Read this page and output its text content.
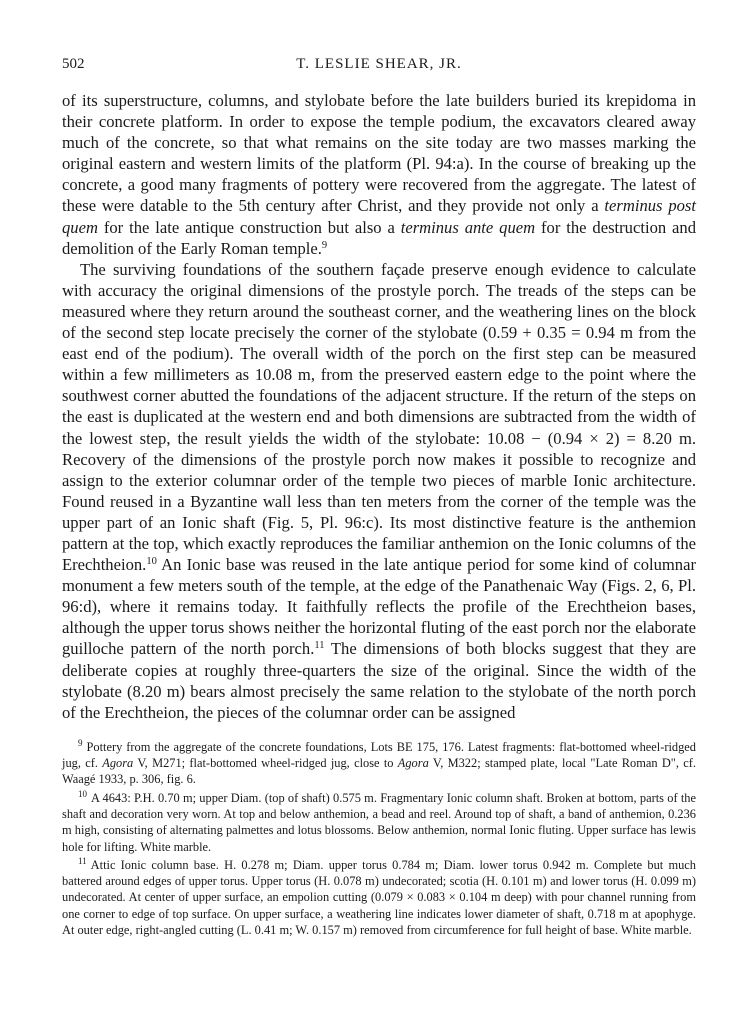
502	T. LESLIE SHEAR, JR.

of its superstructure, columns, and stylobate before the late builders buried its krepidoma in their concrete platform. In order to expose the temple podium, the excavators cleared away much of the concrete, so that what remains on the site today are two masses marking the original eastern and western limits of the platform (Pl. 94:a). In the course of breaking up the concrete, a good many fragments of pottery were recovered from the aggregate. The latest of these were datable to the 5th century after Christ, and they provide not only a terminus post quem for the late antique construction but also a terminus ante quem for the destruction and demolition of the Early Roman temple.$^9$

The surviving foundations of the southern façade preserve enough evidence to calculate with accuracy the original dimensions of the prostyle porch. The treads of the steps can be measured where they return around the southeast corner, and the weathering lines on the block of the second step locate precisely the corner of the stylobate (0.59 + 0.35 = 0.94 m from the east end of the podium). The overall width of the porch on the first step can be measured within a few millimeters as 10.08 m, from the preserved eastern edge to the point where the southwest corner abutted the foundations of the adjacent structure. If the return of the steps on the east is duplicated at the western end and both dimensions are subtracted from the width of the lowest step, the result yields the width of the stylobate: 10.08 − (0.94 × 2) = 8.20 m. Recovery of the dimensions of the prostyle porch now makes it possible to recognize and assign to the exterior columnar order of the temple two pieces of marble Ionic architecture. Found reused in a Byzantine wall less than ten meters from the corner of the temple was the upper part of an Ionic shaft (Fig. 5, Pl. 96:c). Its most distinctive feature is the anthemion pattern at the top, which exactly reproduces the familiar anthemion on the Ionic columns of the Erechtheion.$^{10}$ An Ionic base was reused in the late antique period for some kind of columnar monument a few meters south of the temple, at the edge of the Panathenaic Way (Figs. 2, 6, Pl. 96:d), where it remains today. It faithfully reflects the profile of the Erechtheion bases, although the upper torus shows neither the horizontal fluting of the east porch nor the elaborate guilloche pattern of the north porch.$^{11}$ The dimensions of both blocks suggest that they are deliberate copies at roughly three-quarters the size of the original. Since the width of the stylobate (8.20 m) bears almost precisely the same relation to the stylobate of the north porch of the Erechtheion, the pieces of the columnar order can be assigned

$^9$ Pottery from the aggregate of the concrete foundations, Lots BE 175, 176. Latest fragments: flat-bottomed wheel-ridged jug, cf. Agora V, M271; flat-bottomed wheel-ridged jug, close to Agora V, M322; stamped plate, local "Late Roman D", cf. Waagé 1933, p. 306, fig. 6.

$^{10}$ A 4643: P.H. 0.70 m; upper Diam. (top of shaft) 0.575 m. Fragmentary Ionic column shaft. Broken at bottom, parts of the shaft and decoration very worn. At top and below anthemion, a bead and reel. Around top of shaft, a band of anthemion, 0.236 m high, consisting of alternating palmettes and lotus blossoms. Below anthemion, normal Ionic fluting. Upper surface has lewis hole for lifting. White marble.

$^{11}$ Attic Ionic column base. H. 0.278 m; Diam. upper torus 0.784 m; Diam. lower torus 0.942 m. Complete but much battered around edges of upper torus. Upper torus (H. 0.078 m) undecorated; scotia (H. 0.101 m) and lower torus (H. 0.099 m) undecorated. At center of upper surface, an empolion cutting (0.079 × 0.083 × 0.104 m deep) with pour channel running from one corner to edge of top surface. On upper surface, a weathering line indicates lower diameter of shaft, 0.718 m at apophyge. At outer edge, right-angled cutting (L. 0.41 m; W. 0.157 m) removed from circumference for full height of base. White marble.
